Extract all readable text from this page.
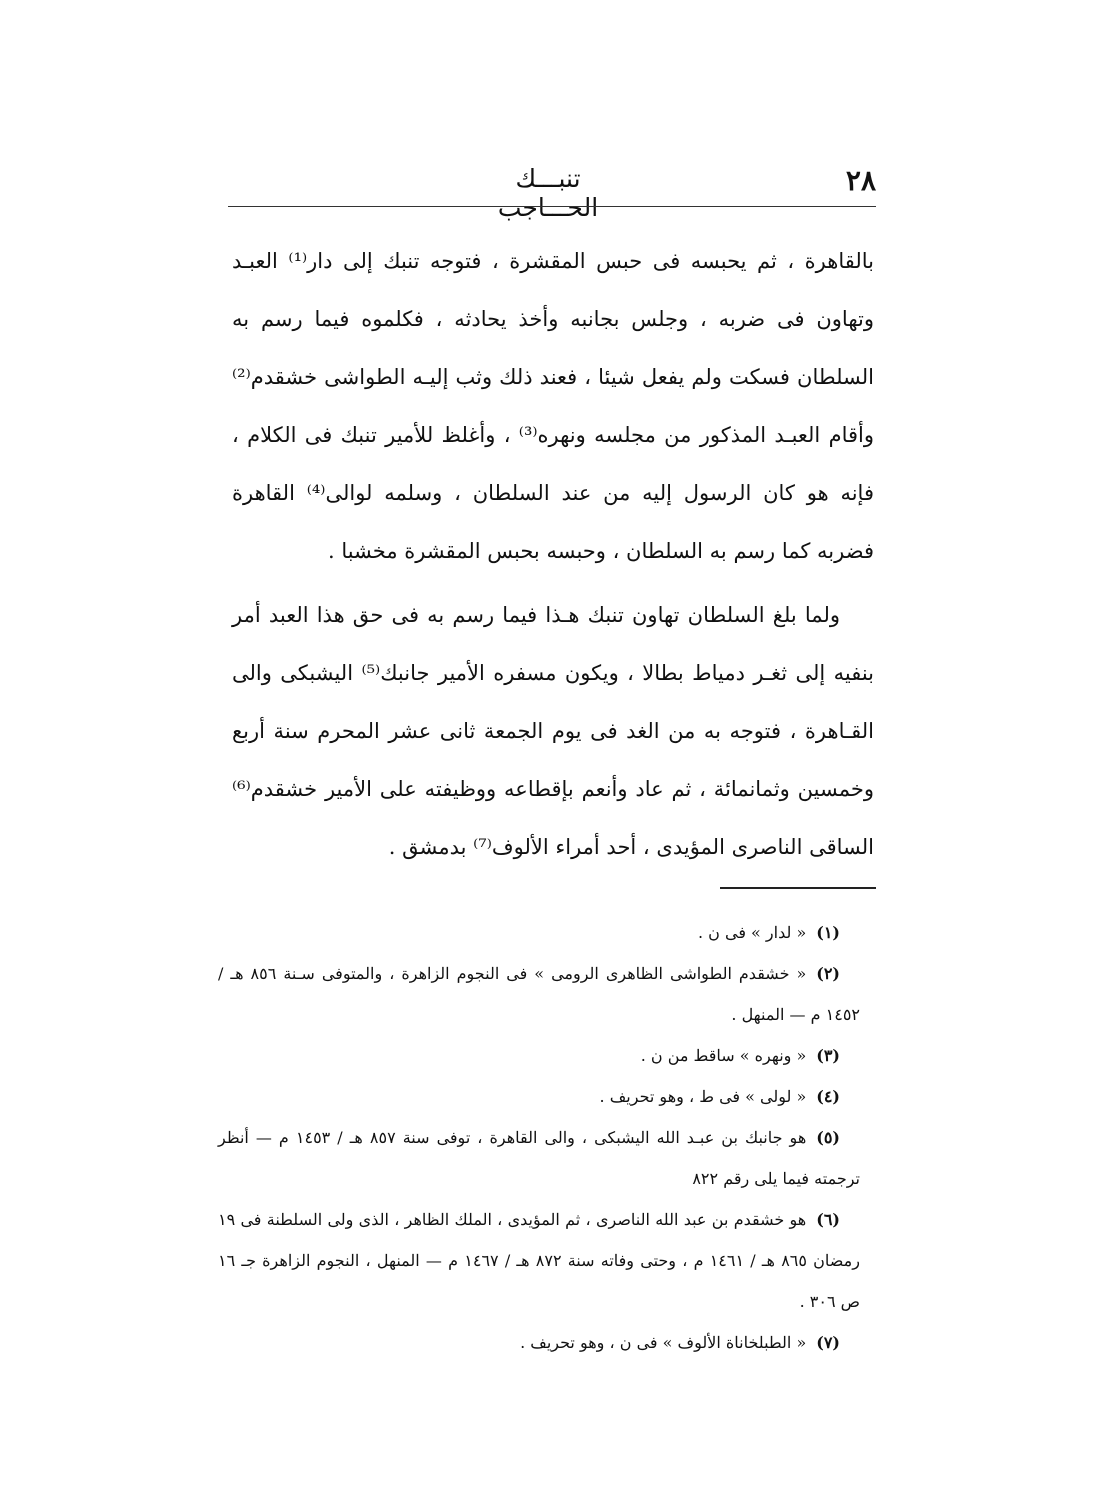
٢٨
تنبـــك الحـــاجب

بالقاهرة ، ثم يحبسه فى حبس المقشرة ، فتوجه تنبك إلى دار⁽¹⁾ العبـد وتهاون فى ضربه ، وجلس بجانبه وأخذ يحادثه ، فكلموه فيما رسم به السلطان فسكت ولم يفعل شيئا ، فعند ذلك وثب إليـه الطواشى خشقدم⁽²⁾ وأقام العبـد المذكور من مجلسه ونهره⁽³⁾ ، وأغلظ للأمير تنبك فى الكلام ، فإنه هو كان الرسول إليه من عند السلطان ، وسلمه لوالى⁽⁴⁾ القاهرة فضربه كما رسم به السلطان ، وحبسه بحبس المقشرة مخشبا .

ولما بلغ السلطان تهاون تنبك هـذا فيما رسم به فى حق هذا العبد أمر بنفيه إلى ثغـر دمياط بطالا ، ويكون مسفره الأمير جانبك⁽⁵⁾ اليشبكى والى القـاهرة ، فتوجه به من الغد فى يوم الجمعة ثانى عشر المحرم سنة أربع وخمسين وثمانمائة ، ثم عاد وأنعم بإقطاعه ووظيفته على الأمير خشقدم⁽⁶⁾ الساقى الناصرى المؤيدى ، أحد أمراء الألوف⁽⁷⁾ بدمشق .

(١)« لدار » فى ن .

(٢)« خشقدم الطواشى الظاهرى الرومى » فى النجوم الزاهرة ، والمتوفى سـنة ٨٥٦ هـ / ١٤٥٢ م — المنهل .

(٣)« ونهره » ساقط من ن .

(٤)« لولى » فى ط ، وهو تحريف .

(٥)هو جانبك بن عبـد الله اليشبكى ، والى القاهرة ، توفى سنة ٨٥٧ هـ / ١٤٥٣ م — أنظر ترجمته فيما يلى رقم ٨٢٢

(٦)هو خشقدم بن عبد الله الناصرى ، ثم المؤيدى ، الملك الظاهر ، الذى ولى السلطنة فى ١٩ رمضان ٨٦٥ هـ / ١٤٦١ م ، وحتى وفاته سنة ٨٧٢ هـ / ١٤٦٧ م — المنهل ، النجوم الزاهرة جـ ١٦ ص ٣٠٦ .

(٧)« الطبلخاناة الألوف » فى ن ، وهو تحريف .
